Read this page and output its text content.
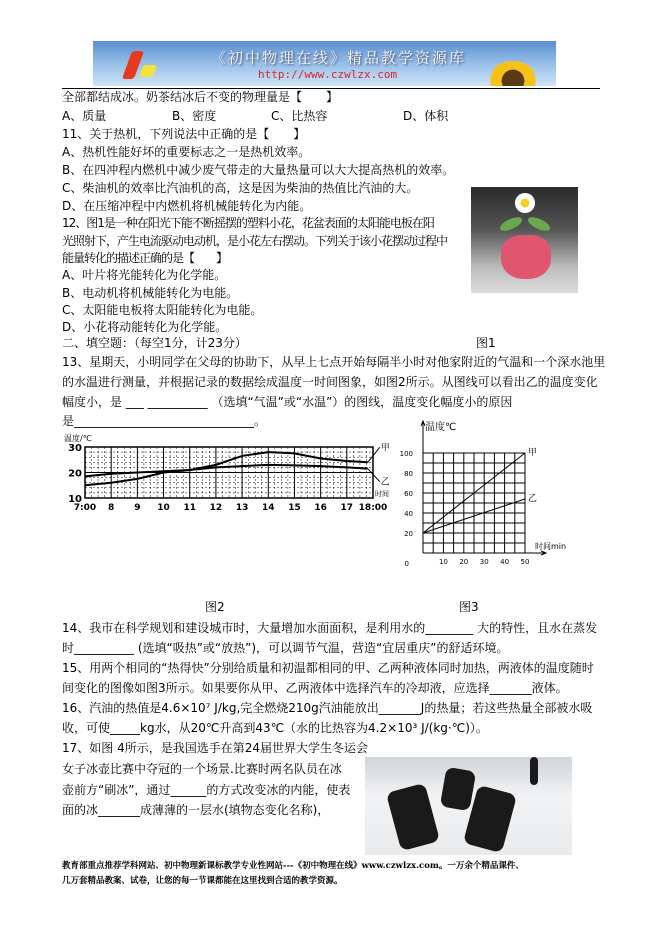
《初中物理在线》精品教学资源库
http://www.czwlzx.com
全部都结成冰。奶茶结冰后不变的物理量是【　　】
A、质量	B、密度	C、比热容	D、体积
11、关于热机，下列说法中正确的是【　　】
A、热机性能好坏的重要标志之一是热机效率。
B、在四冲程内燃机中减少废气带走的大量热量可以大大提高热机的效率。
C、柴油机的效率比汽油机的高，这是因为柴油的热值比汽油的大。
D、在压缩冲程中内燃机将机械能转化为内能。
12、图1是一种在阳光下能不断摇摆的塑料小花，花盆表面的太阳能电板在阳
光照射下，产生电流驱动电动机，是小花左右摆动。下列关于该小花摆动过程中
能量转化的描述正确的是【　　】
A、叶片将光能转化为化学能。
B、电动机将机械能转化为电能。
C、太阳能电板将太阳能转化为电能。
D、小花将动能转化为化学能。
二、填空题：（每空1分，计23分）	图1
13、星期天，小明同学在父母的协助下，从早上七点开始每隔半小时对他家附近的气温和一个深水池里
的水温进行测量，并根据记录的数据绘成温度一时间图象，如图2所示。从图线可以看出乙的温度变化
幅度小，是 ___ __________ （选填“气温”或“水温”）的图线，温度变化幅度小的原因
是______________________________。
10
20
30
7:00 8 9 10 11 12 13 14 15 16 17 18:00
温度/℃
时间
甲
乙
温度℃
时间min
0
20
40
60
80
100
10 20 30 40 50
甲
乙
图2	图3
14、我市在科学规划和建设城市时，大量增加水面面积，是利用水的________ 大的特性，且水在蒸发
时__________ (选填“吸热”或“放热”)，可以调节气温，营造“宜居重庆”的舒适环境。
15、用两个相同的“热得快”分别给质量和初温都相同的甲、乙两种液体同时加热，两液体的温度随时
间变化的图像如图3所示。如果要你从甲、乙两液体中选择汽车的冷却液，应选择_______液体。
16、汽油的热值是4.6×10⁷ J/kg,完全燃烧210g汽油能放出_______J的热量；若这些热量全部被水吸
收，可使_____kg水，从20℃升高到43℃（水的比热容为4.2×10³ J/(kg·℃)）。
17、如图 4所示，是我国选手在第24届世界大学生冬运会
女子冰壶比赛中夺冠的一个场景.比赛时两名队员在冰
壶前方“刷冰”，通过______的方式改变冰的内能，使表
面的冰_______成薄薄的一层水(填物态变化名称)，
教育部重点推荐学科网站、初中物理新课标教学专业性网站---《初中物理在线》www.czwlzx.com。一万余个精品课件、
几万套精品教案、试卷，让您的每一节课都能在这里找到合适的教学资源。
